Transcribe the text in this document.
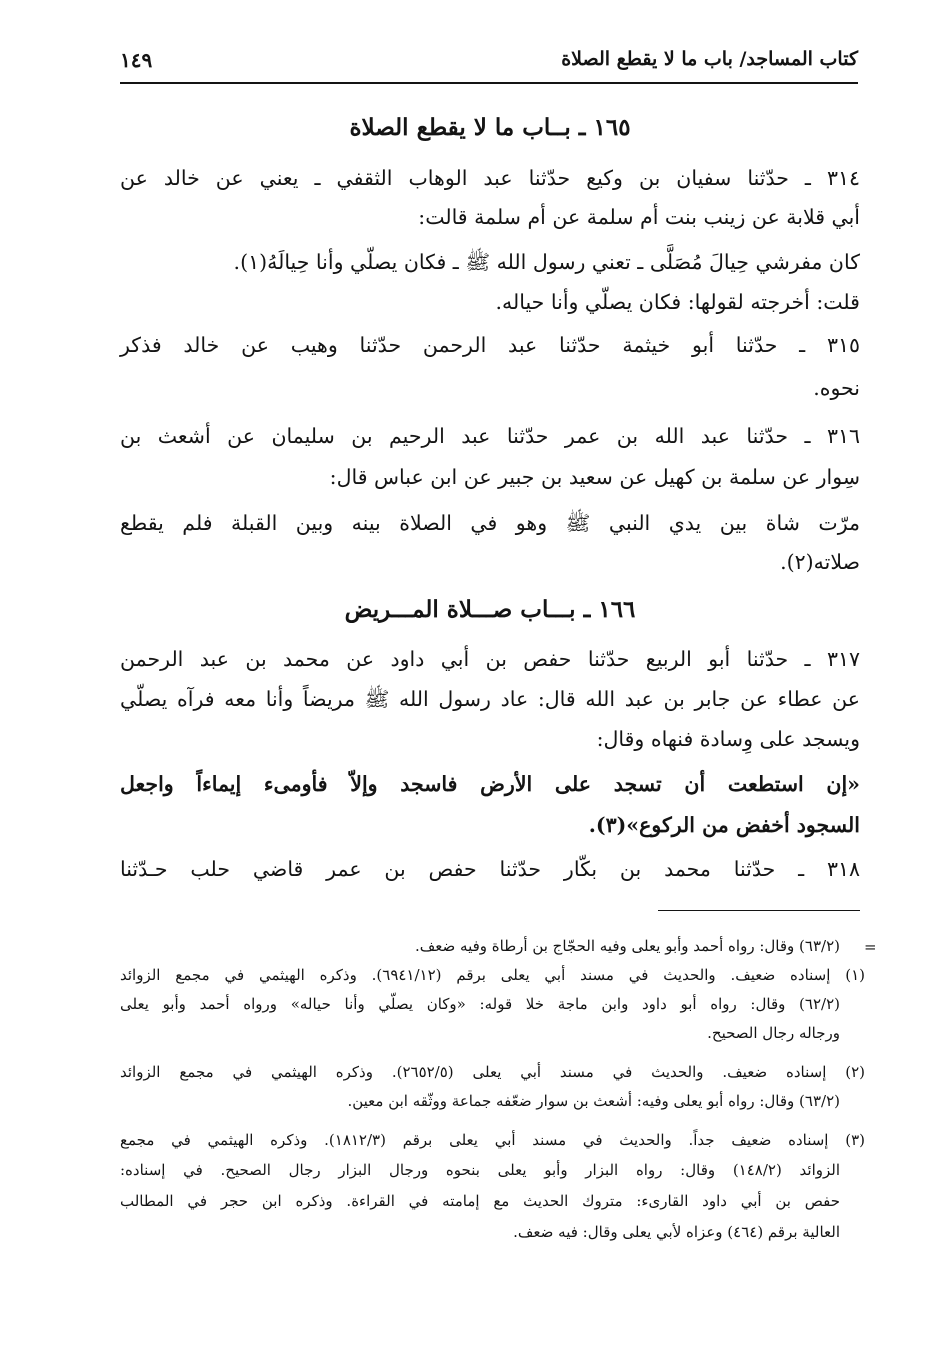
كتاب المساجد/ باب ما لا يقطع الصلاة
١٤٩
١٦٥ ـ بــاب ما لا يقطع الصلاة
٣١٤ ـ حدّثنا سفيان بن وكيع حدّثنا عبد الوهاب الثقفي ـ يعني عن خالد عن
أبي قلابة عن زينب بنت أم سلمة عن أم سلمة قالت:
كان مفرشي حِيالَ مُصَلَّى ـ تعني رسول الله ﷺ ـ فكان يصلّي وأنا حِيالَهُ(١).
قلت: أخرجته لقولها: فكان يصلّي وأنا حياله.
٣١٥ ـ حدّثنا أبو خيثمة حدّثنا عبد الرحمن حدّثنا وهيب عن خالد فذكر
نحوه.
٣١٦ ـ حدّثنا عبد الله بن عمر حدّثنا عبد الرحيم بن سليمان عن أشعث بن
سِوار عن سلمة بن كهيل عن سعيد بن جبير عن ابن عباس قال:
مرّت شاة بين يدي النبي ﷺ وهو في الصلاة بينه وبين القبلة فلم يقطع
صلاته(٢).
١٦٦ ـ بـــاب صـــلاة المـــريض
٣١٧ ـ حدّثنا أبو الربيع حدّثنا حفص بن أبي داود عن محمد بن عبد الرحمن
عن عطاء عن جابر بن عبد الله قال: عاد رسول الله ﷺ مريضاً وأنا معه فرآه يصلّي
ويسجد على وِسادة فنهاه وقال:
«إن استطعت أن تسجد على الأرض فاسجد وإلاّ فأومىء إيماءاً واجعل
السجود أخفض من الركوع»(٣).
٣١٨ ـ حدّثنا محمد بن بكّار حدّثنا حفص بن عمر قاضي حلب حـدّثنا
=
(٦٣/٢) وقال: رواه أحمد وأبو يعلى وفيه الحجّاج بن أرطاة وفيه ضعف.
(١) إسناده ضعيف. والحديث في مسند أبي يعلى برقم (٦٩٤١/١٢). وذكره الهيثمي في مجمع الزوائد
(٦٢/٢) وقال: رواه أبو داود وابن ماجة خلا قوله: «وكان يصلّي وأنا حياله» ورواه أحمد وأبو يعلى
ورجاله رجال الصحيح.
(٢) إسناده ضعيف. والحديث في مسند أبي يعلى (٢٦٥٢/٥). وذكره الهيثمي في مجمع الزوائد
(٦٣/٢) وقال: رواه أبو يعلى وفيه: أشعث بن سوار ضعّفه جماعة ووثّقه ابن معين.
(٣) إسناده ضعيف جداً. والحديث في مسند أبي يعلى برقم (١٨١٢/٣). وذكره الهيثمي في مجمع
الزوائد (١٤٨/٢) وقال: رواه البزار وأبو يعلى بنحوه ورجال البزار رجال الصحيح. في إسناده:
حفص بن أبي داود القارىء: متروك الحديث مع إمامته في القراءة. وذكره ابن حجر في المطالب
العالية برقم (٤٦٤) وعزاه لأبي يعلى وقال: فيه ضعف.
